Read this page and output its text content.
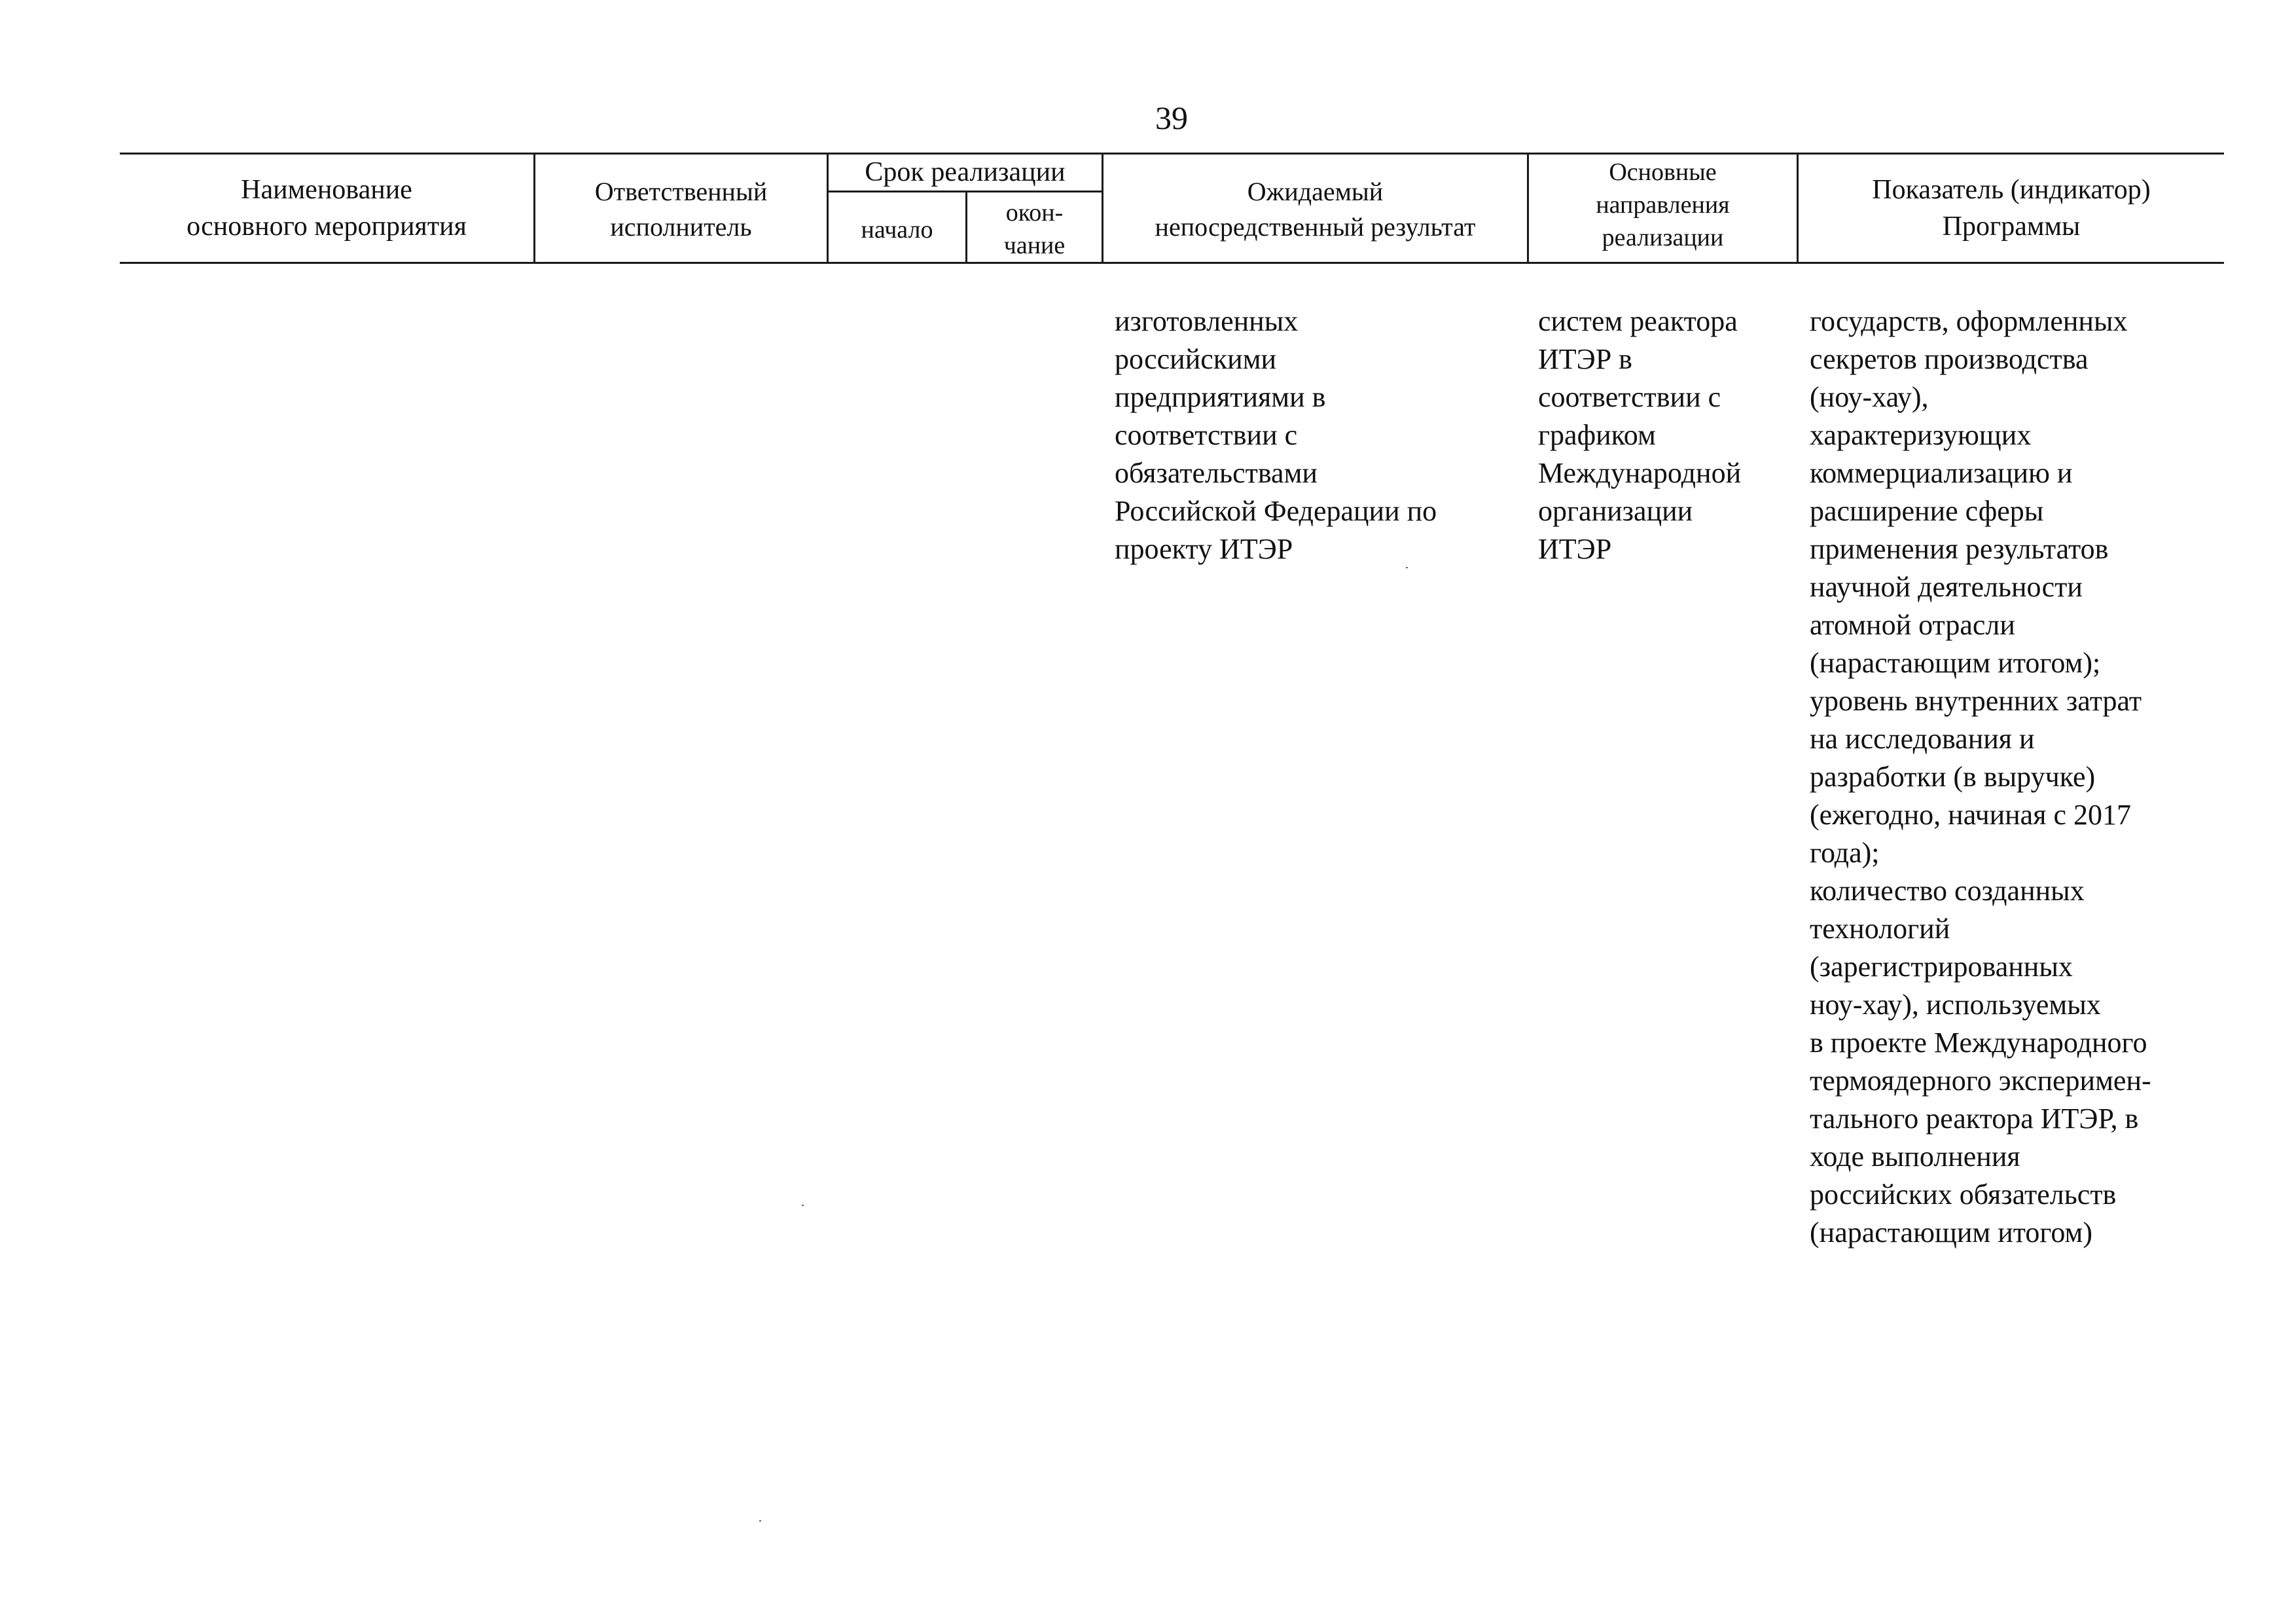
39
Наименование
основного мероприятия
Ответственный
исполнитель
Срок реализации
начало
окон-
чание
Ожидаемый
непосредственный результат
Основные
направления
реализации
Показатель (индикатор)
Программы
изготовленных
российскими
предприятиями в
соответствии с
обязательствами
Российской Федерации по
проекту ИТЭР
систем реактора
ИТЭР в
соответствии с
графиком
Международной
организации
ИТЭР
государств, оформленных
секретов производства
(ноу-хау),
характеризующих
коммерциализацию и
расширение сферы
применения результатов
научной деятельности
атомной отрасли
(нарастающим итогом);
уровень внутренних затрат
на исследования и
разработки (в выручке)
(ежегодно, начиная с 2017
года);
количество созданных
технологий
(зарегистрированных
ноу-хау), используемых
в проекте Международного
термоядерного эксперимен-
тального реактора ИТЭР, в
ходе выполнения
российских обязательств
(нарастающим итогом)
